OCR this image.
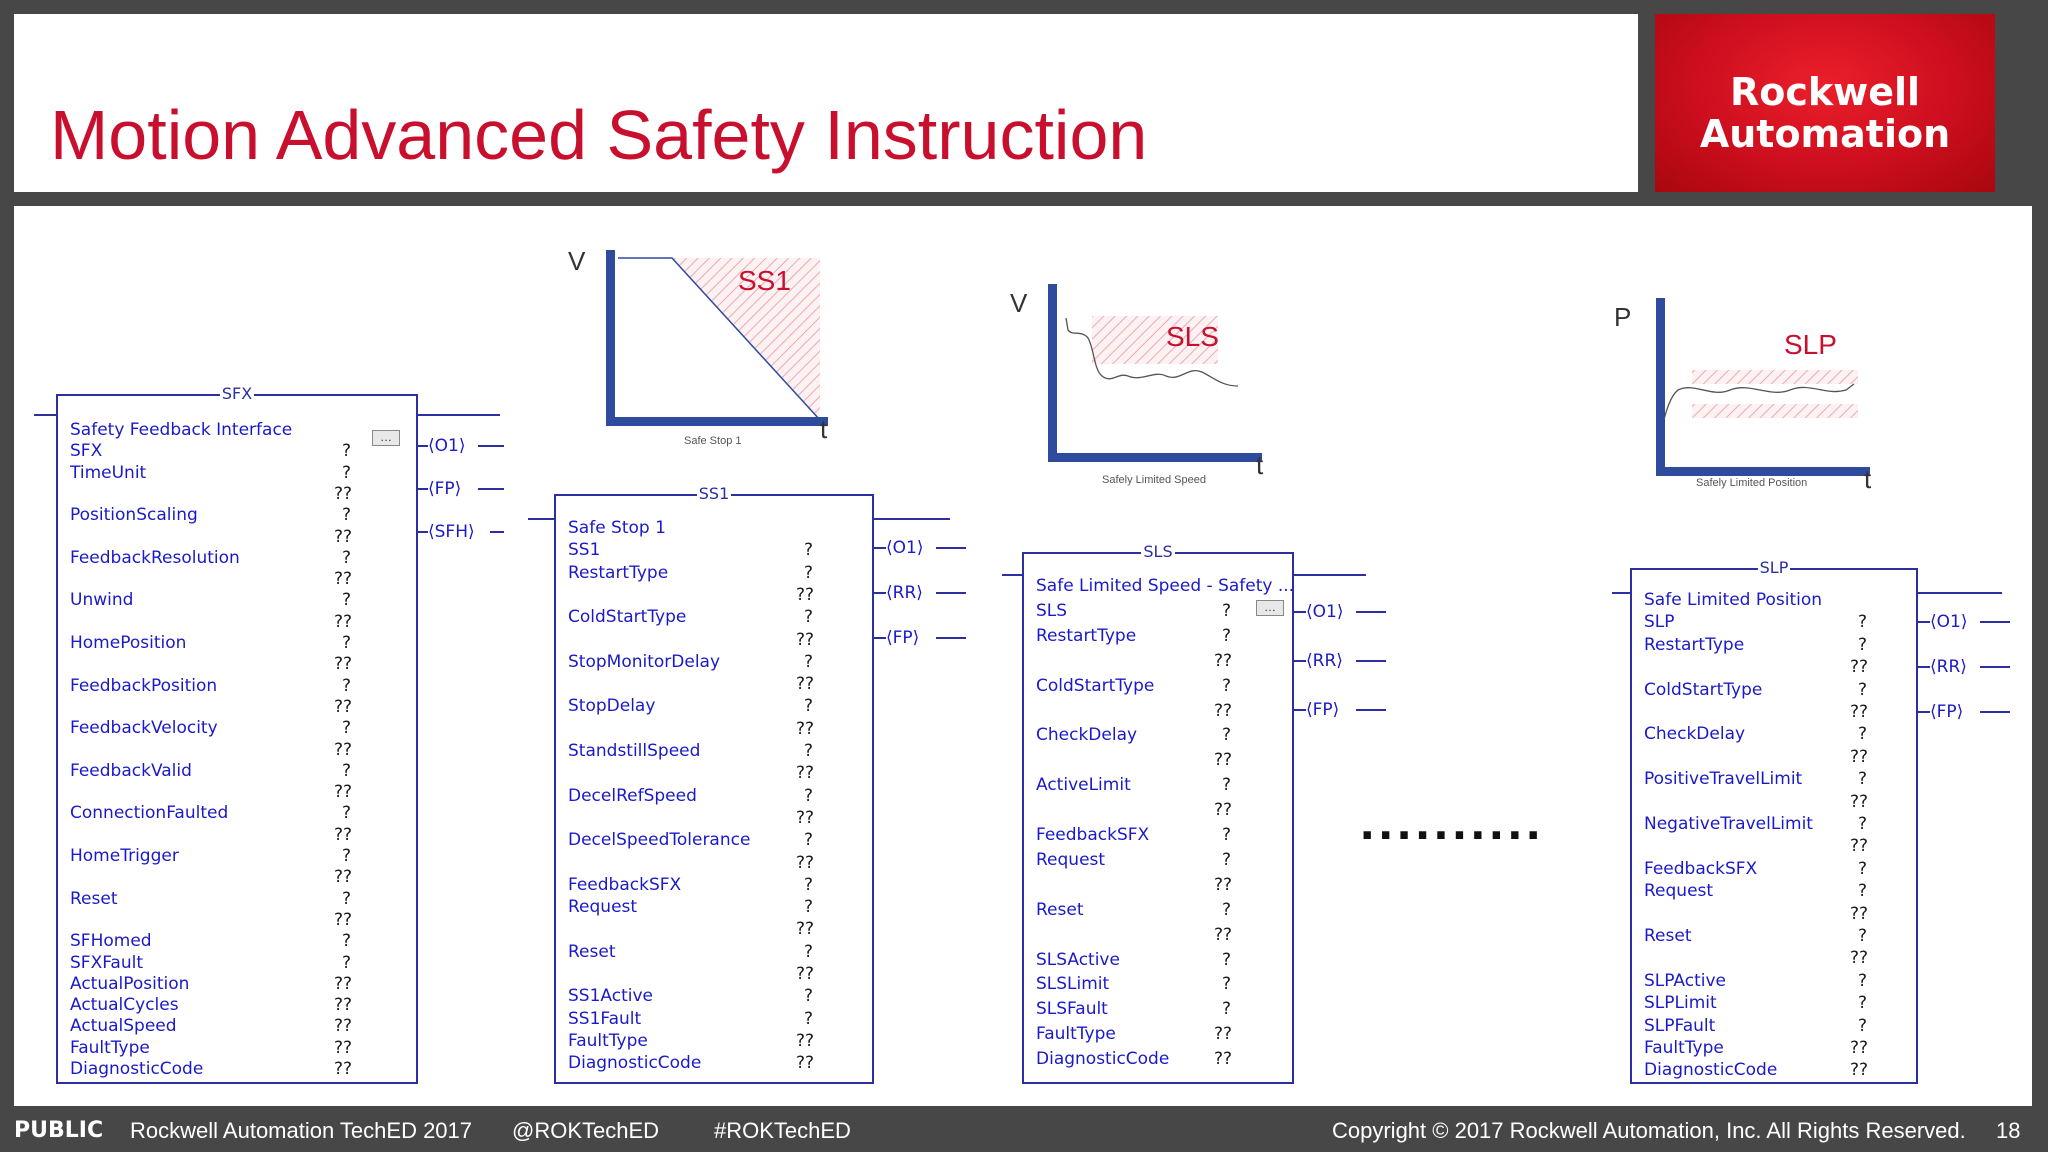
Motion Advanced Safety Instruction
Rockwell
Automation
V
t
SS1
Safe Stop 1
V
t
SLS
Safely Limited Speed
P
t
SLP
Safely Limited Position
SFX
…
Safety Feedback Interface
SFX	?
TimeUnit	?
??
PositionScaling	?
??
FeedbackResolution	?
??
Unwind	?
??
HomePosition	?
??
FeedbackPosition	?
??
FeedbackVelocity	?
??
FeedbackValid	?
??
ConnectionFaulted	?
??
HomeTrigger	?
??
Reset	?
??
SFHomed	?
SFXFault	?
ActualPosition	??
ActualCycles	??
ActualSpeed	??
FaultType	??
DiagnosticCode	??
SS1
Safe Stop 1
SS1	?
RestartType	?
??
ColdStartType	?
??
StopMonitorDelay	?
??
StopDelay	?
??
StandstillSpeed	?
??
DecelRefSpeed	?
??
DecelSpeedTolerance	?
??
FeedbackSFX	?
Request	?
??
Reset	?
??
SS1Active	?
SS1Fault	?
FaultType	??
DiagnosticCode	??
SLS
…
Safe Limited Speed - Safety ...
SLS	?
RestartType	?
??
ColdStartType	?
??
CheckDelay	?
??
ActiveLimit	?
??
FeedbackSFX	?
Request	?
??
Reset	?
??
SLSActive	?
SLSLimit	?
SLSFault	?
FaultType	??
DiagnosticCode	??
..........
SLP
Safe Limited Position
SLP	?
RestartType	?
??
ColdStartType	?
??
CheckDelay	?
??
PositiveTravelLimit	?
??
NegativeTravelLimit	?
??
FeedbackSFX	?
Request	?
??
Reset	?
??
SLPActive	?
SLPLimit	?
SLPFault	?
FaultType	??
DiagnosticCode	??
⟨O1⟩
⟨FP⟩
⟨SFH⟩
⟨O1⟩
⟨RR⟩
⟨FP⟩
⟨O1⟩
⟨RR⟩
⟨FP⟩
⟨O1⟩
⟨RR⟩
⟨FP⟩
PUBLIC Rockwell Automation TechED 2017 @ROKTechED #ROKTechED	Copyright © 2017 Rockwell Automation, Inc. All Rights Reserved. 18
